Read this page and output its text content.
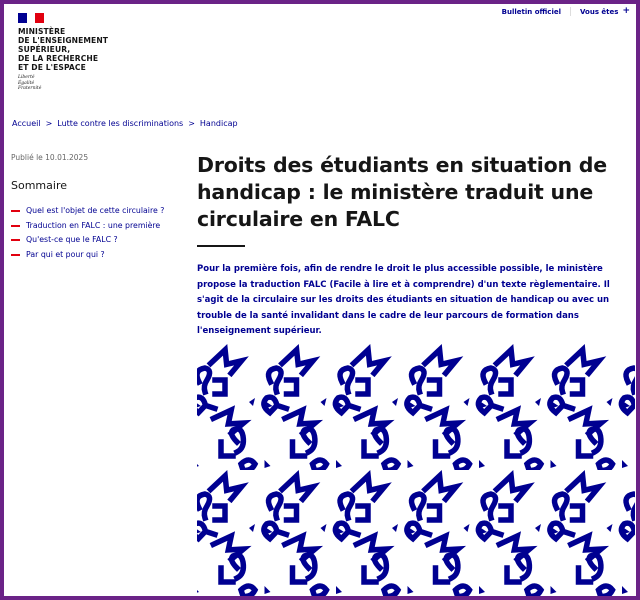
MINISTÈRE
DE L'ENSEIGNEMENT
SUPÉRIEUR,
DE LA RECHERCHE
ET DE L'ESPACE
Liberté
Égalité
Fraternité
Bulletin officiel	Vous êtes +
Accueil > Lutte contre les discriminations > Handicap
Publié le 10.01.2025
Sommaire
Quel est l'objet de cette circulaire ?
Traduction en FALC : une première
Qu'est-ce que le FALC ?
Par qui et pour qui ?
Droits des étudiants en situation de handicap : le ministère traduit une circulaire en FALC

Pour la première fois, afin de rendre le droit le plus accessible possible, le ministère propose la traduction FALC (Facile à lire et à comprendre) d'un texte règlementaire. Il s'agit de la circulaire sur les droits des étudiants en situation de handicap ou avec un trouble de la santé invalidant dans le cadre de leur parcours de formation dans l'enseignement supérieur.
